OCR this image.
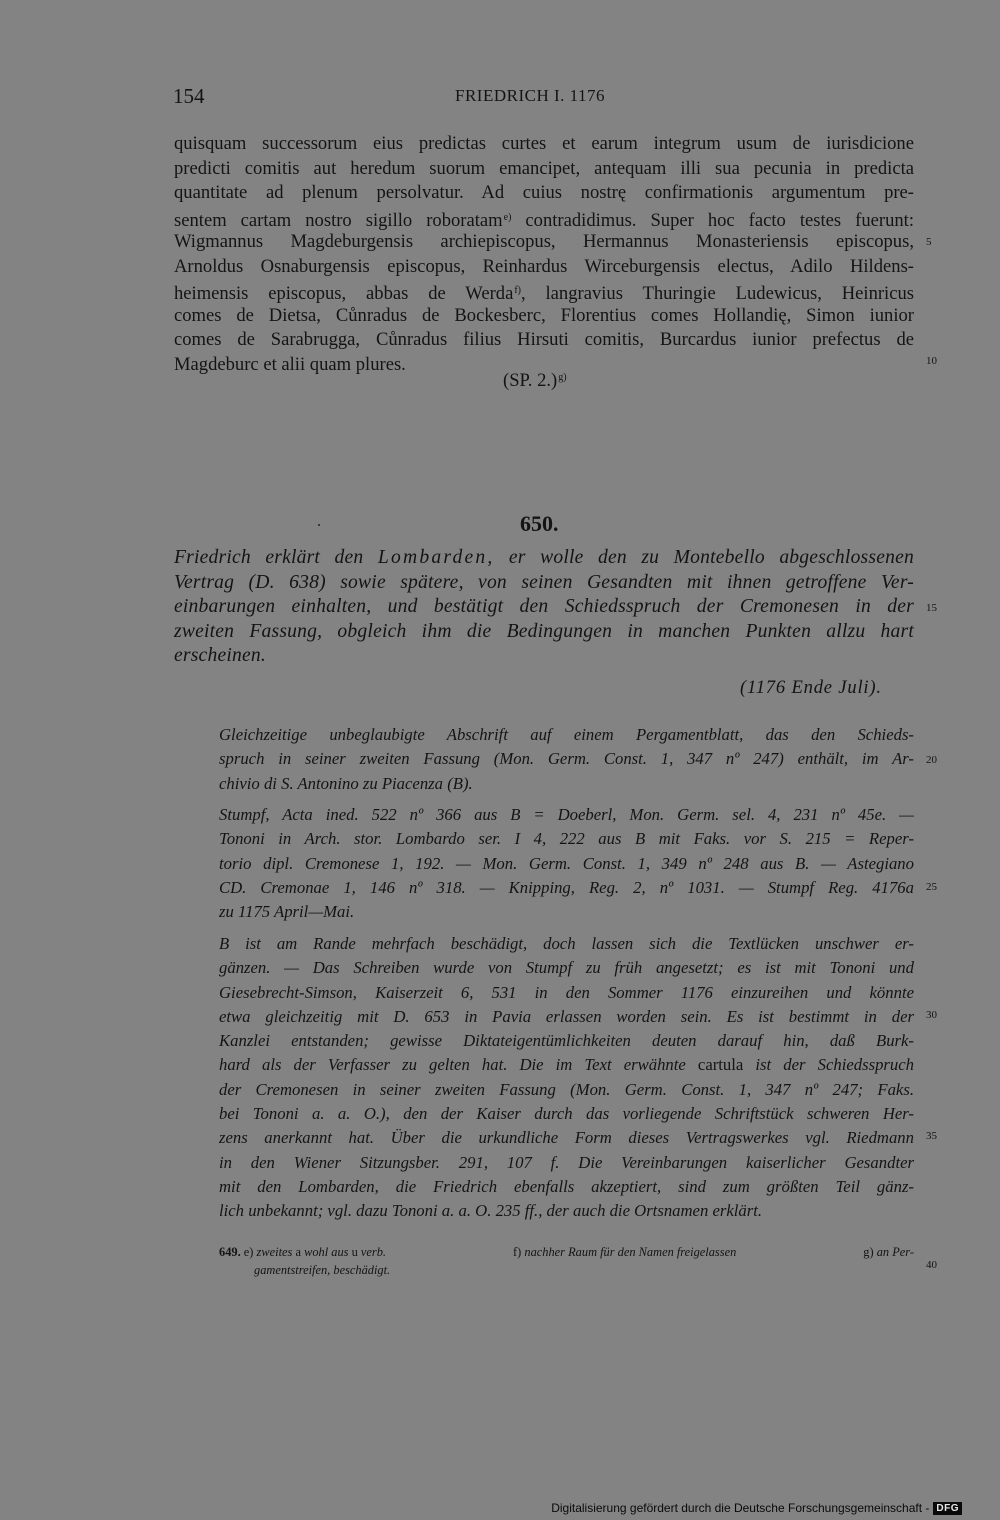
154	FRIEDRICH I. 1176
quisquam successorum eius predictas curtes et earum integrum usum de iurisdicione
predicti comitis aut heredum suorum emancipet, antequam illi sua pecunia in predicta
quantitate ad plenum persolvatur. Ad cuius nostrę confirmationis argumentum pre-
sentem cartam nostro sigillo roboratam$^{e)}$ contradidimus. Super hoc facto testes fuerunt:
Wigmannus Magdeburgensis archiepiscopus, Hermannus Monasteriensis episcopus,
Arnoldus Osnaburgensis episcopus, Reinhardus Wirceburgensis electus, Adilo Hildens-
heimensis episcopus, abbas de Werda$^{f)}$, langravius Thuringie Ludewicus, Heinricus
comes de Dietsa, Cůnradus de Bockesberc, Florentius comes Hollandię, Simon iunior
comes de Sarabrugga, Cůnradus filius Hirsuti comitis, Burcardus iunior prefectus de
Magdeburc et alii quam plures.
5
10
(SP. 2.)$^{g)}$
650.
Friedrich erklärt den Lombarden, er wolle den zu Montebello abgeschlossenen
Vertrag (D. 638) sowie spätere, von seinen Gesandten mit ihnen getroffene Ver-
einbarungen einhalten, und bestätigt den Schiedsspruch der Cremonesen in der
zweiten Fassung, obgleich ihm die Bedingungen in manchen Punkten allzu hart
erscheinen.
15
(1176 Ende Juli).
Gleichzeitige unbeglaubigte Abschrift auf einem Pergamentblatt, das den Schieds-
spruch in seiner zweiten Fassung (Mon. Germ. Const. 1, 347 nº 247) enthält, im Ar-
chivio di S. Antonino zu Piacenza (B).
20
Stumpf, Acta ined. 522 nº 366 aus B = Doeberl, Mon. Germ. sel. 4, 231 nº 45e. —
Tononi in Arch. stor. Lombardo ser. I 4, 222 aus B mit Faks. vor S. 215 = Reper-
torio dipl. Cremonese 1, 192. — Mon. Germ. Const. 1, 349 nº 248 aus B. — Astegiano
CD. Cremonae 1, 146 nº 318. — Knipping, Reg. 2, nº 1031. — Stumpf Reg. 4176a
zu 1175 April—Mai.
25
B ist am Rande mehrfach beschädigt, doch lassen sich die Textlücken unschwer er-
gänzen. — Das Schreiben wurde von Stumpf zu früh angesetzt; es ist mit Tononi und
Giesebrecht-Simson, Kaiserzeit 6, 531 in den Sommer 1176 einzureihen und könnte
etwa gleichzeitig mit D. 653 in Pavia erlassen worden sein. Es ist bestimmt in der
Kanzlei entstanden; gewisse Diktateigentümlichkeiten deuten darauf hin, daß Burk-
hard als der Verfasser zu gelten hat. Die im Text erwähnte cartula ist der Schiedsspruch
der Cremonesen in seiner zweiten Fassung (Mon. Germ. Const. 1, 347 nº 247; Faks.
bei Tononi a. a. O.), den der Kaiser durch das vorliegende Schriftstück schweren Her-
zens anerkannt hat. Über die urkundliche Form dieses Vertragswerkes vgl. Riedmann
in den Wiener Sitzungsber. 291, 107 f. Die Vereinbarungen kaiserlicher Gesandter
mit den Lombarden, die Friedrich ebenfalls akzeptiert, sind zum größten Teil gänz-
lich unbekannt; vgl. dazu Tononi a. a. O. 235 ff., der auch die Ortsnamen erklärt.
30
35
649. e) zweites a wohl aus u verb.	f) nachher Raum für den Namen freigelassen	g) an Per-
gamentstreifen, beschädigt.	40
Digitalisierung gefördert durch die Deutsche Forschungsgemeinschaft - DFG
